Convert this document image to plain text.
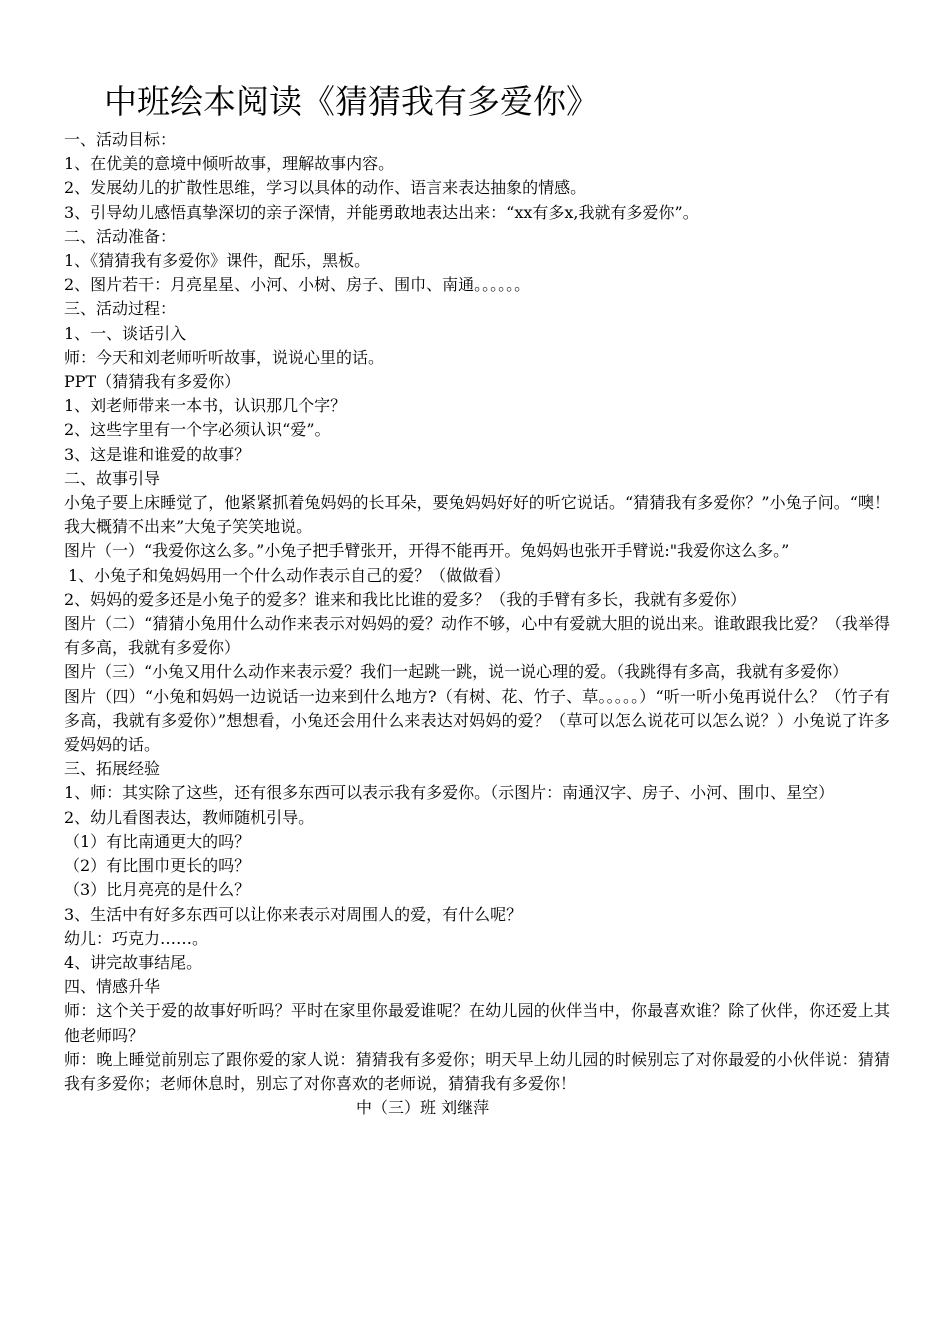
中班绘本阅读《猜猜我有多爱你》

一、活动目标：

1、在优美的意境中倾听故事，理解故事内容。

2、发展幼儿的扩散性思维，学习以具体的动作、语言来表达抽象的情感。

3、引导幼儿感悟真挚深切的亲子深情，并能勇敢地表达出来：“xx有多x,我就有多爱你”。

二、活动准备：

1、《猜猜我有多爱你》课件，配乐，黑板。

2、图片若干：月亮星星、小河、小树、房子、围巾、南通。。。。。。

三、活动过程：

1、一、谈话引入

师：今天和刘老师听听故事，说说心里的话。

PPT（猜猜我有多爱你）

1、刘老师带来一本书，认识那几个字？

2、这些字里有一个字必须认识“爱”。

3、这是谁和谁爱的故事？

二、故事引导

小兔子要上床睡觉了，他紧紧抓着兔妈妈的长耳朵，要兔妈妈好好的听它说话。“猜猜我有多爱你？”小兔子问。“噢！我大概猜不出来”大兔子笑笑地说。

图片（一）“我爱你这么多。”小兔子把手臂张开，开得不能再开。兔妈妈也张开手臂说:"我爱你这么多。”

1、小兔子和兔妈妈用一个什么动作表示自己的爱？（做做看）

2、妈妈的爱多还是小兔子的爱多？谁来和我比比谁的爱多？（我的手臂有多长，我就有多爱你）

图片（二）“猜猜小兔用什么动作来表示对妈妈的爱？动作不够，心中有爱就大胆的说出来。谁敢跟我比爱？（我举得有多高，我就有多爱你）

图片（三）“小兔又用什么动作来表示爱？我们一起跳一跳，说一说心理的爱。（我跳得有多高，我就有多爱你）

图片（四）“小兔和妈妈一边说话一边来到什么地方?（有树、花、竹子、草。。。。。）“听一听小兔再说什么？（竹子有多高，我就有多爱你）”想想看，小兔还会用什么来表达对妈妈的爱？（草可以怎么说花可以怎么说？）小兔说了许多爱妈妈的话。

三、拓展经验

1、师：其实除了这些，还有很多东西可以表示我有多爱你。（示图片：南通汉字、房子、小河、围巾、星空）

2、幼儿看图表达，教师随机引导。

（1）有比南通更大的吗？

（2）有比围巾更长的吗？

（3）比月亮亮的是什么？

3、生活中有好多东西可以让你来表示对周围人的爱，有什么呢？

幼儿：巧克力……。

4、讲完故事结尾。

四、情感升华

师：这个关于爱的故事好听吗？平时在家里你最爱谁呢？在幼儿园的伙伴当中，你最喜欢谁？除了伙伴，你还爱上其他老师吗？

师：晚上睡觉前别忘了跟你爱的家人说：猜猜我有多爱你；明天早上幼儿园的时候别忘了对你最爱的小伙伴说：猜猜我有多爱你；老师休息时，别忘了对你喜欢的老师说，猜猜我有多爱你！

中（三）班 刘继萍
